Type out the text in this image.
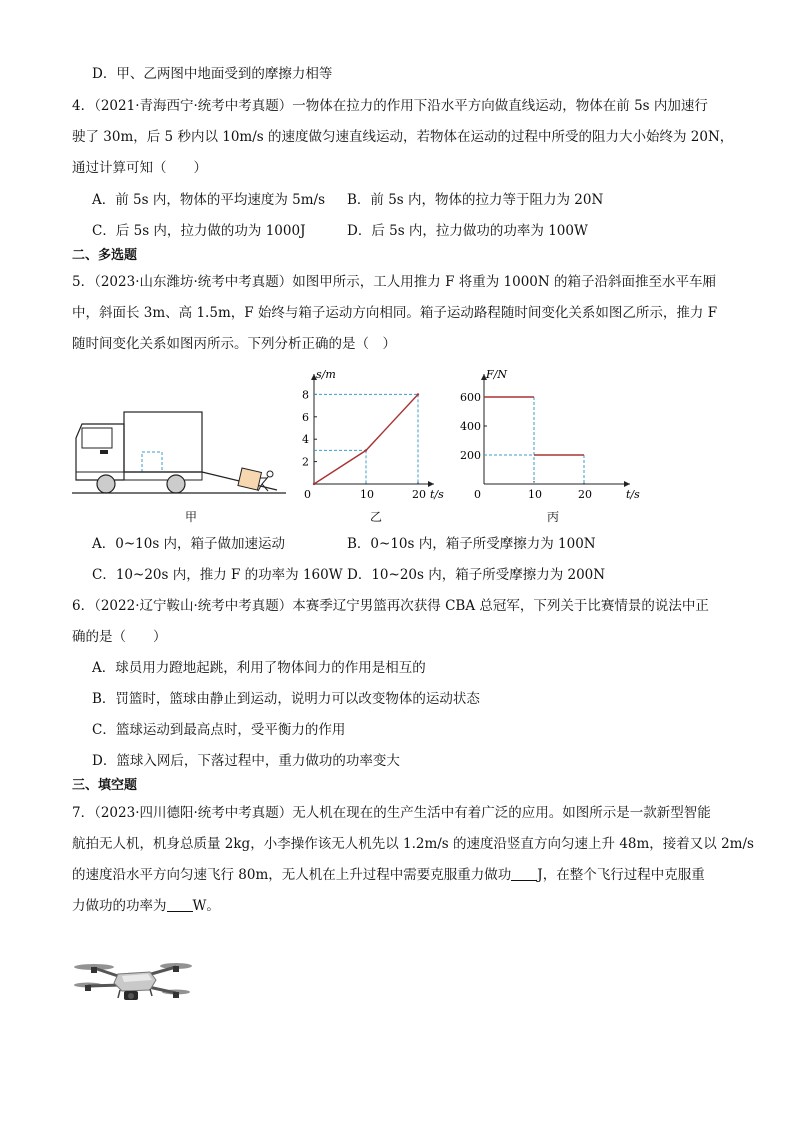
D．甲、乙两图中地面受到的摩擦力相等
4．（2021·青海西宁·统考中考真题）一物体在拉力的作用下沿水平方向做直线运动，物体在前 5s 内加速行
驶了 30m，后 5 秒内以 10m/s 的速度做匀速直线运动，若物体在运动的过程中所受的阻力大小始终为 20N，
通过计算可知（　　）
A．前 5s 内，物体的平均速度为 5m/s B．前 5s 内，物体的拉力等于阻力为 20N
C．后 5s 内，拉力做的功为 1000J	D．后 5s 内，拉力做功的功率为 100W
二、多选题
5．（2023·山东潍坊·统考中考真题）如图甲所示，工人用推力 F 将重为 1000N 的箱子沿斜面推至水平车厢
中，斜面长 3m、高 1.5m，F 始终与箱子运动方向相同。箱子运动路程随时间变化关系如图乙所示，推力 F
随时间变化关系如图丙所示。下列分析正确的是（　）
甲
s/m
t/s
0
2
4
6
8
10	20
乙
F/N
t/s
0
200
400
600
10	20
丙
A．0~10s 内，箱子做加速运动	B．0~10s 内，箱子所受摩擦力为 100N
C．10~20s 内，推力 F 的功率为 160W D．10~20s 内，箱子所受摩擦力为 200N
6．（2022·辽宁鞍山·统考中考真题）本赛季辽宁男篮再次获得 CBA 总冠军，下列关于比赛情景的说法中正
确的是（　　）
A．球员用力蹬地起跳，利用了物体间力的作用是相互的
B．罚篮时，篮球由静止到运动，说明力可以改变物体的运动状态
C．篮球运动到最高点时，受平衡力的作用
D．篮球入网后，下落过程中，重力做功的功率变大
三、填空题
7．（2023·四川德阳·统考中考真题）无人机在现在的生产生活中有着广泛的应用。如图所示是一款新型智能
航拍无人机，机身总质量 2kg，小李操作该无人机先以 1.2m/s 的速度沿竖直方向匀速上升 48m，接着又以 2m/s
的速度沿水平方向匀速飞行 80m，无人机在上升过程中需要克服重力做功 J，在整个飞行过程中克服重
力做功的功率为 W。
